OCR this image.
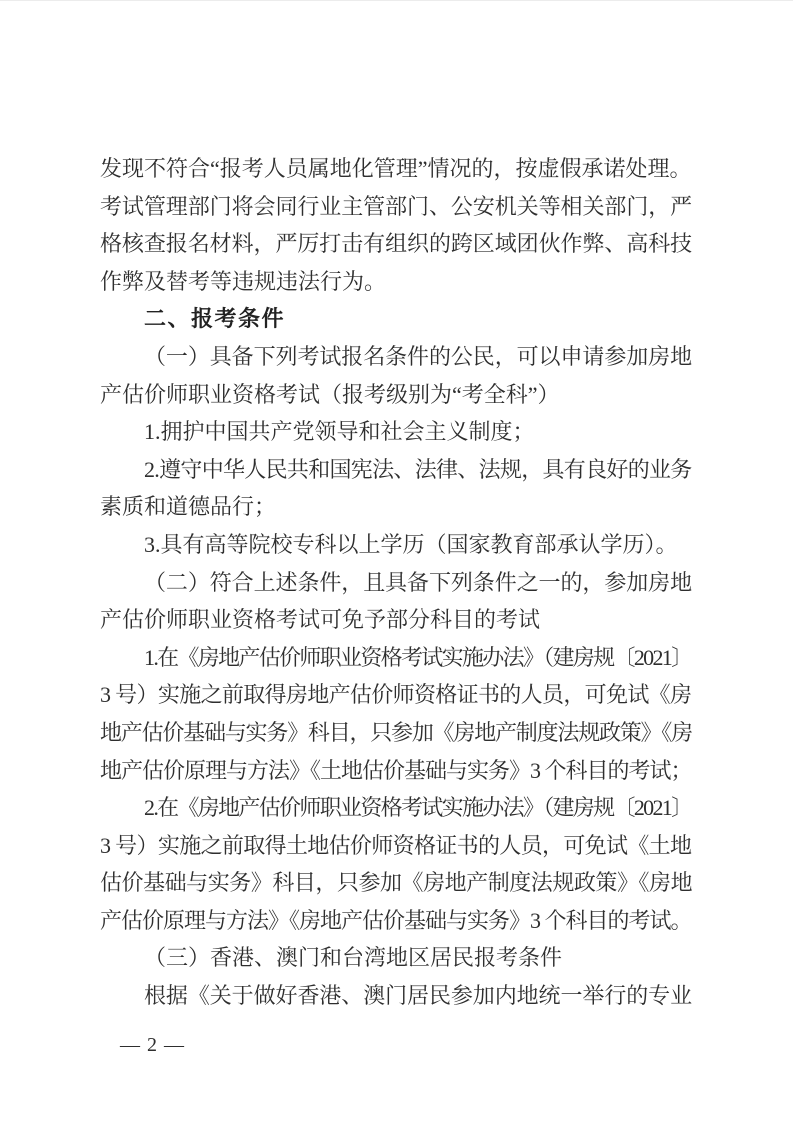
发现不符合“报考人员属地化管理”情况的，按虚假承诺处理。
考试管理部门将会同行业主管部门、公安机关等相关部门，严
格核查报名材料，严厉打击有组织的跨区域团伙作弊、高科技
作弊及替考等违规违法行为。
二、报考条件
（一）具备下列考试报名条件的公民，可以申请参加房地
产估价师职业资格考试（报考级别为“考全科”）
1.拥护中国共产党领导和社会主义制度；
2.遵守中华人民共和国宪法、法律、法规，具有良好的业务
素质和道德品行；
3.具有高等院校专科以上学历（国家教育部承认学历）。
（二）符合上述条件，且具备下列条件之一的，参加房地
产估价师职业资格考试可免予部分科目的考试
1.在《房地产估价师职业资格考试实施办法》（建房规〔2021〕
3 号）实施之前取得房地产估价师资格证书的人员，可免试《房
地产估价基础与实务》科目，只参加《房地产制度法规政策》《房
地产估价原理与方法》《土地估价基础与实务》3 个科目的考试；
2.在《房地产估价师职业资格考试实施办法》（建房规〔2021〕
3 号）实施之前取得土地估价师资格证书的人员，可免试《土地
估价基础与实务》科目，只参加《房地产制度法规政策》《房地
产估价原理与方法》《房地产估价基础与实务》3 个科目的考试。
（三）香港、澳门和台湾地区居民报考条件
根据《关于做好香港、澳门居民参加内地统一举行的专业
— 2 —
